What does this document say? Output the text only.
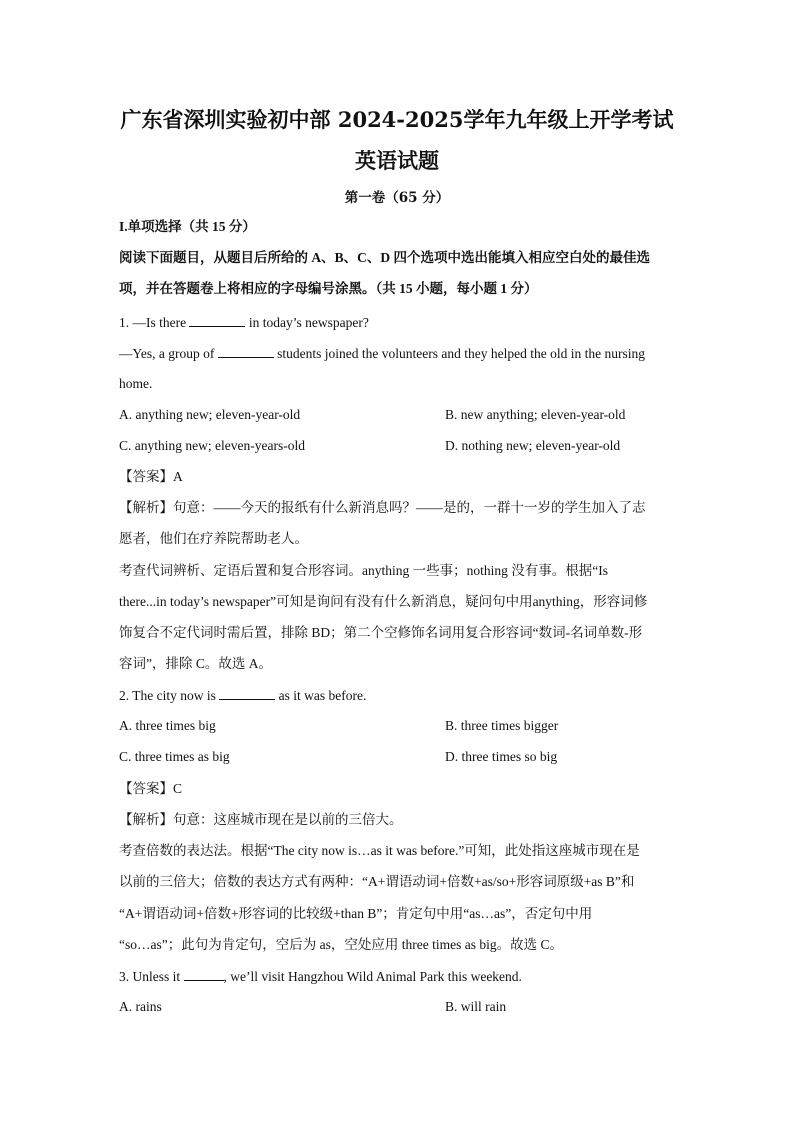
广东省深圳实验初中部 2024-2025学年九年级上开学考试
英语试题
第一卷（65 分）
I.单项选择（共 15 分）
阅读下面题目，从题目后所给的 A、B、C、D 四个选项中选出能填入相应空白处的最佳选
项，并在答题卷上将相应的字母编号涂黑。（共 15 小题，每小题 1 分）
1. —Is there	in today’s newspaper?
—Yes, a group of	students joined the volunteers and they helped the old in the nursing
home.
A. anything new; eleven-year-old	B. new anything; eleven-year-old
C. anything new; eleven-years-old	D. nothing new; eleven-year-old
【答案】A
【解析】句意：——今天的报纸有什么新消息吗？——是的，一群十一岁的学生加入了志
愿者，他们在疗养院帮助老人。
考查代词辨析、定语后置和复合形容词。anything 一些事；nothing 没有事。根据“Is
there...in today’s newspaper”可知是询问有没有什么新消息，疑问句中用anything，形容词修
饰复合不定代词时需后置，排除 BD；第二个空修饰名词用复合形容词“数词-名词单数-形
容词”，排除 C。故选 A。
2. The city now is	as it was before.
A. three times big	B. three times bigger
C. three times as big	D. three times so big
【答案】C
【解析】句意：这座城市现在是以前的三倍大。
考查倍数的表达法。根据“The city now is…as it was before.”可知，此处指这座城市现在是
以前的三倍大；倍数的表达方式有两种：“A+谓语动词+倍数+as/so+形容词原级+as B”和
“A+谓语动词+倍数+形容词的比较级+than B”；肯定句中用“as…as”，否定句中用
“so…as”；此句为肯定句，空后为 as，空处应用 three times as big。故选 C。
3. Unless it	, we’ll visit Hangzhou Wild Animal Park this weekend.
A. rains	B. will rain
